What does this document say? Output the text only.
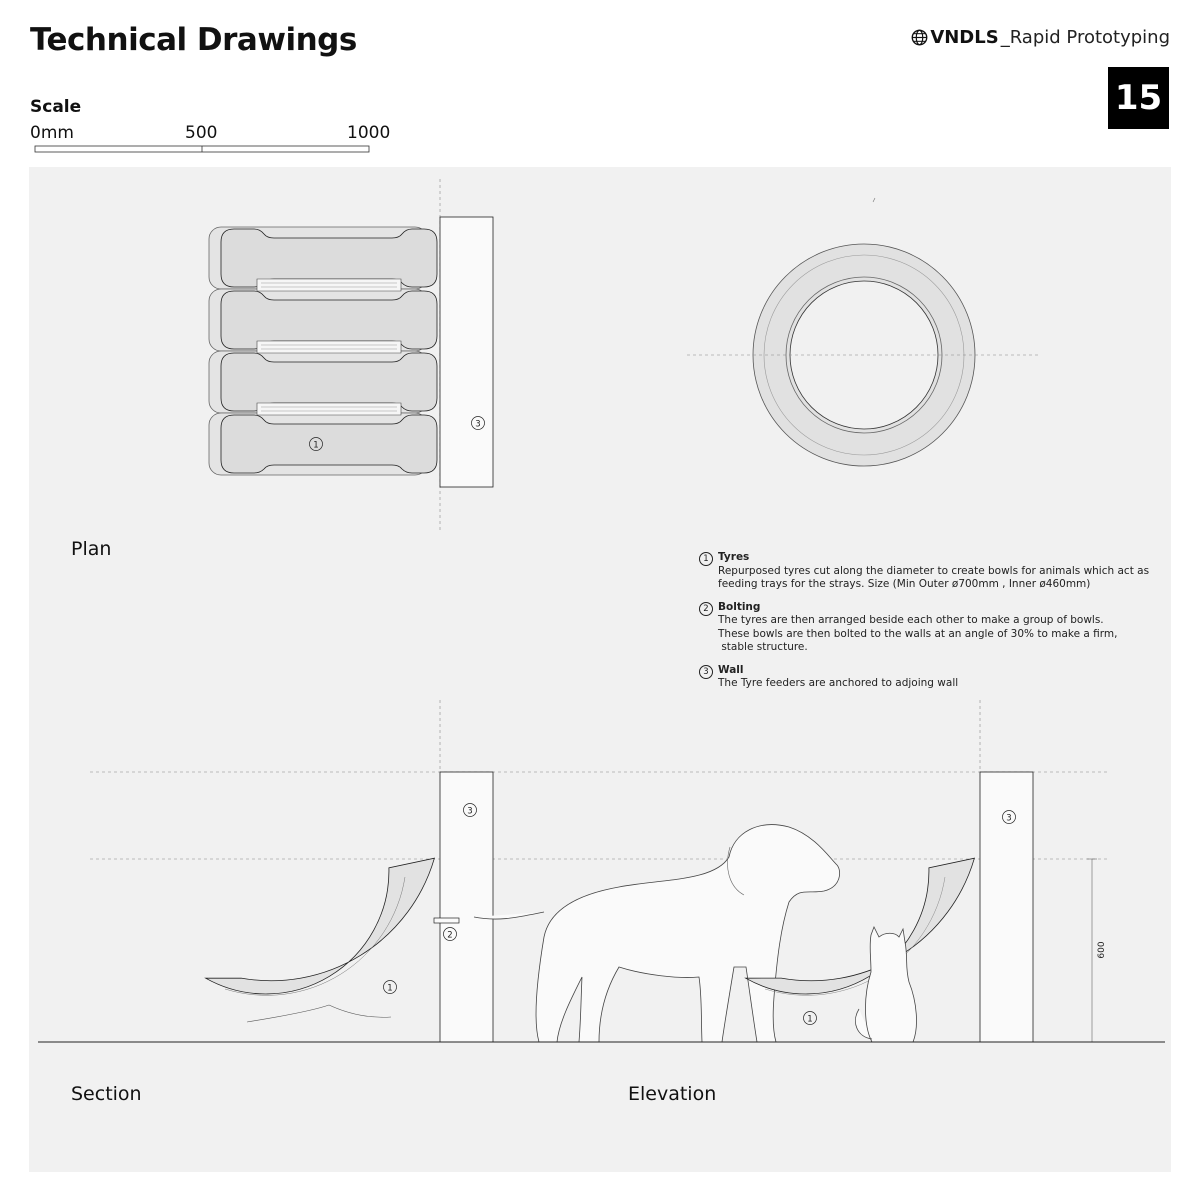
Technical Drawings	VNDLS _Rapid Prototyping
15
Scale
0mm	500	1000
1
3
1
3
2
1
3
600
Plan
Section	Elevation
1 Tyres
Repurposed tyres cut along the diameter to create bowls for animals which act as
feeding trays for the strays. Size (Min Outer ø700mm , Inner ø460mm)
2 Bolting
The tyres are then arranged beside each other to make a group of bowls.
These bowls are then bolted to the walls at an angle of 30% to make a firm,
stable structure.
3 Wall
The Tyre feeders are anchored to adjoing wall
